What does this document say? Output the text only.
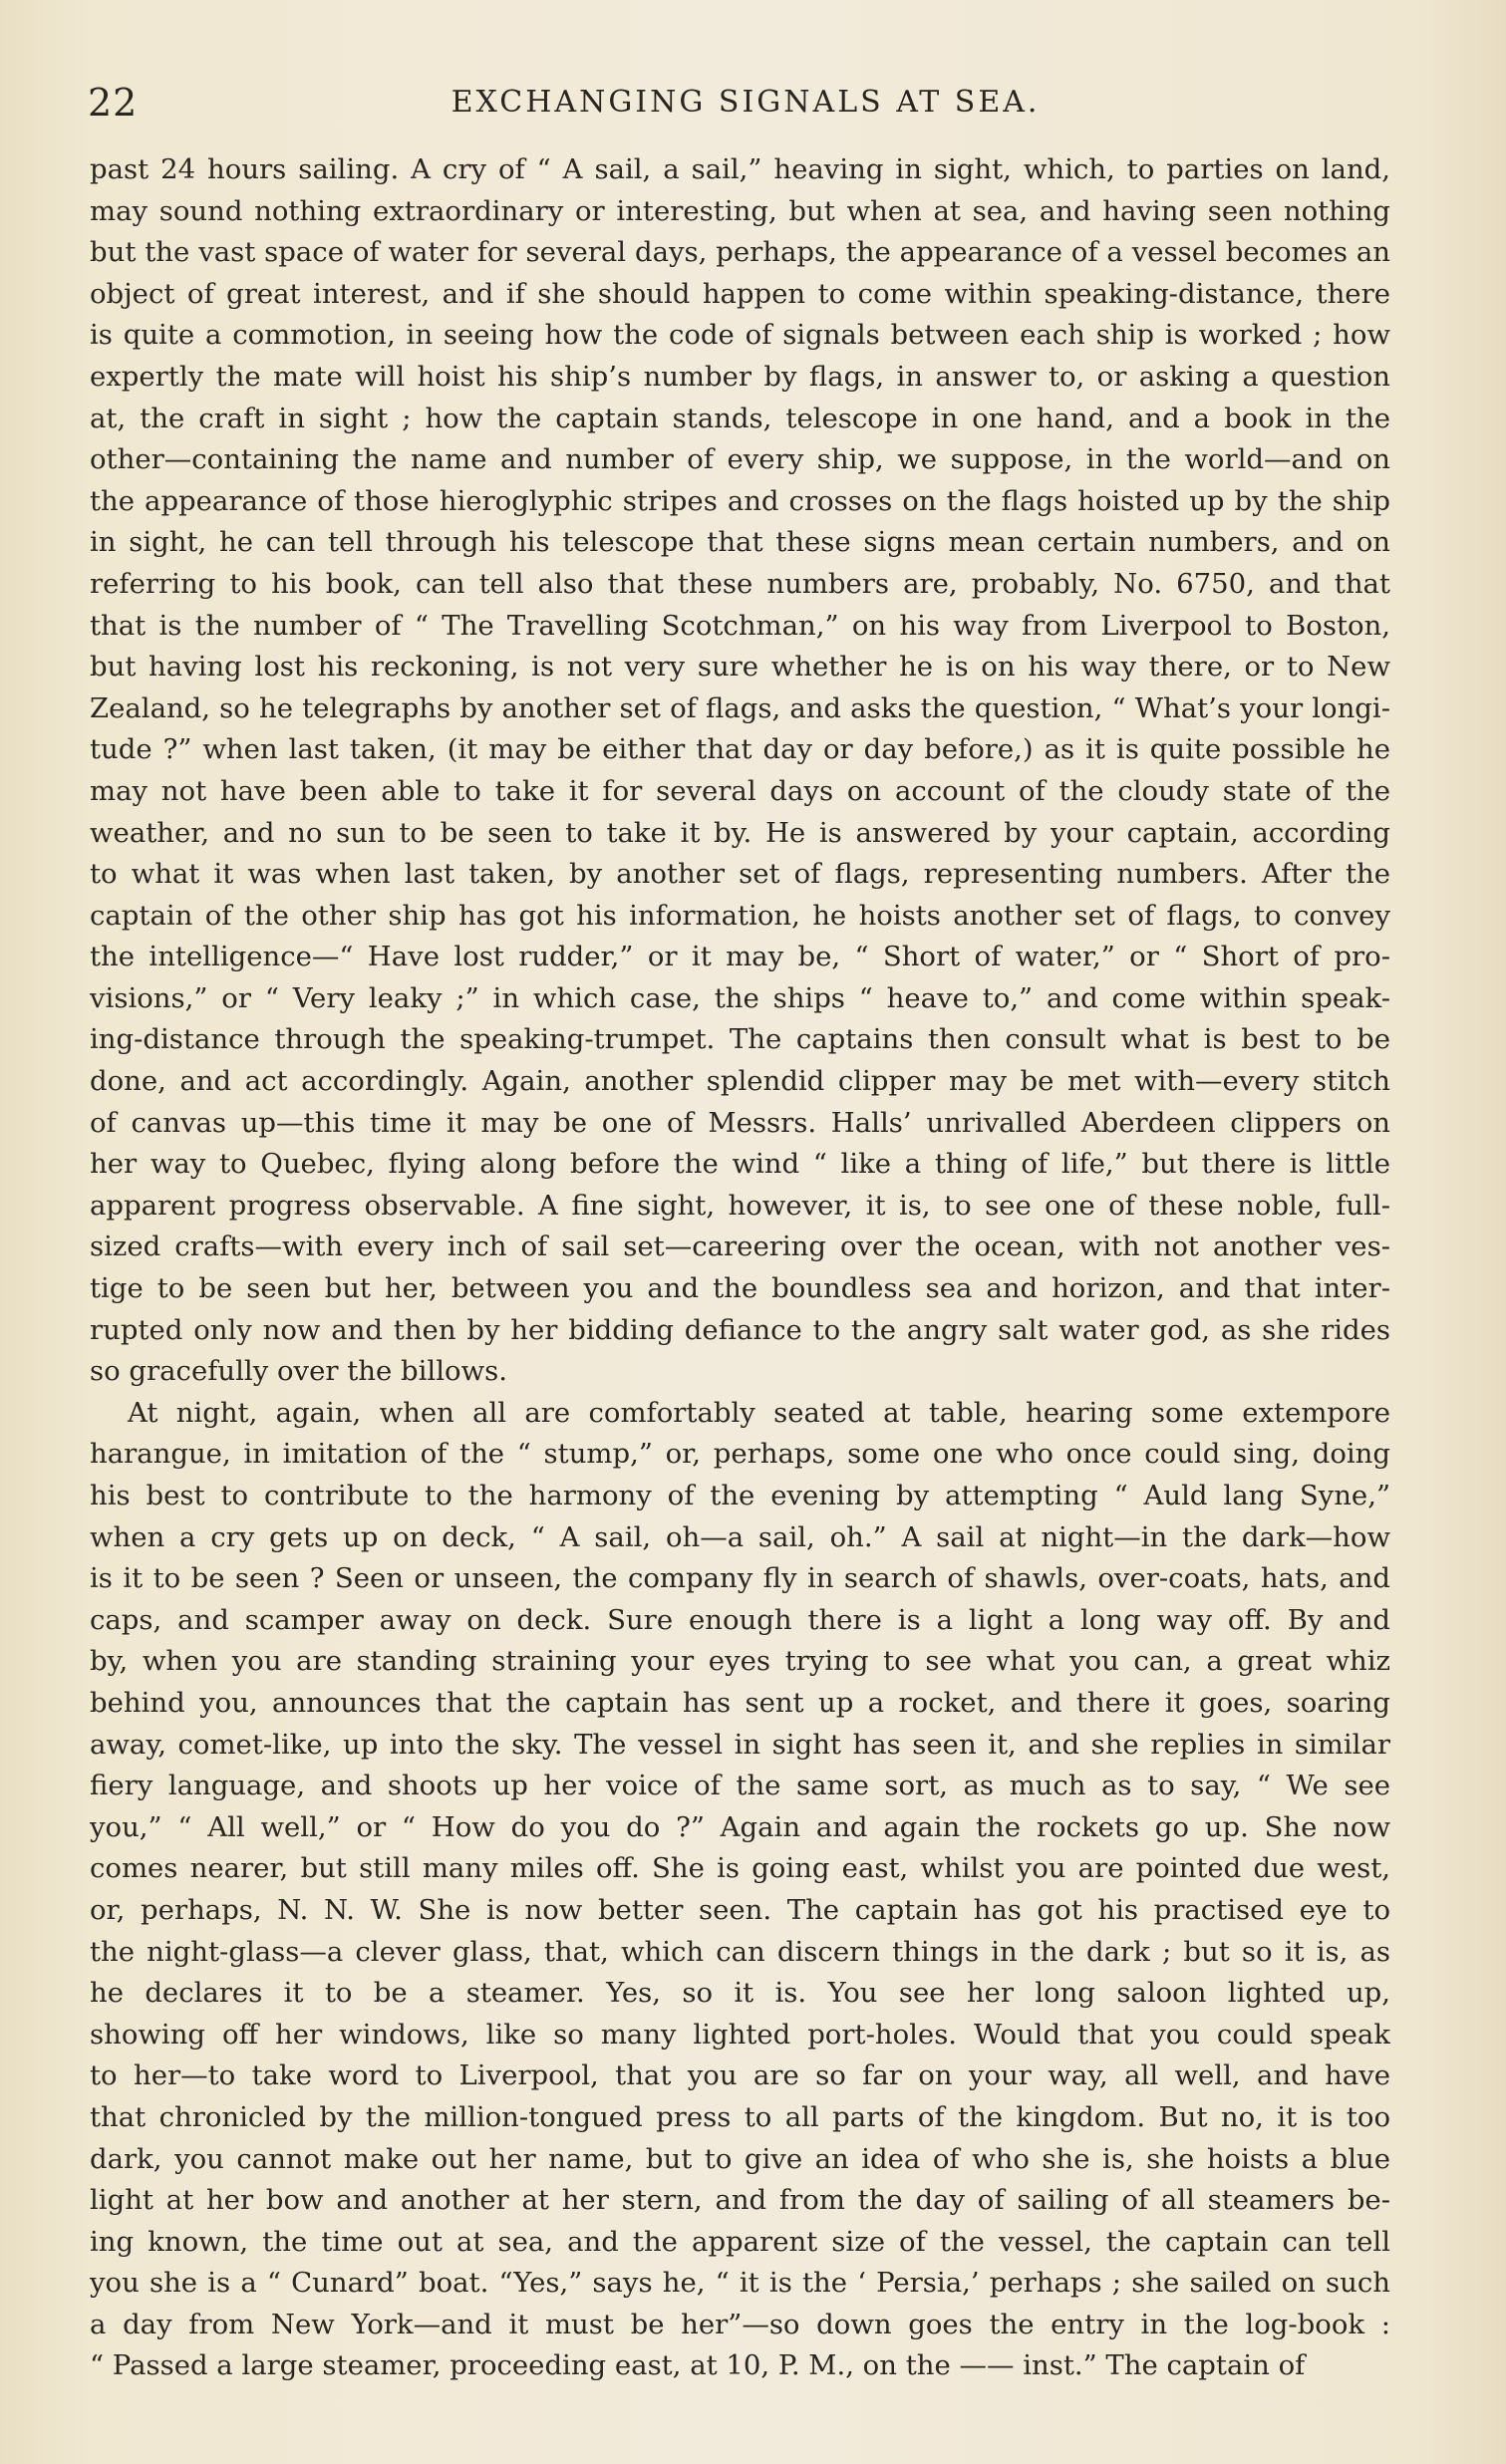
22	EXCHANGING SIGNALS AT SEA.
past 24 hours sailing. A cry of “ A sail, a sail,” heaving in sight, which, to parties on land,
may sound nothing extraordinary or interesting, but when at sea, and having seen nothing
but the vast space of water for several days, perhaps, the appearance of a vessel becomes an
object of great interest, and if she should happen to come within speaking-distance, there
is quite a commotion, in seeing how the code of signals between each ship is worked ; how
expertly the mate will hoist his ship’s number by flags, in answer to, or asking a question
at, the craft in sight ; how the captain stands, telescope in one hand, and a book in the
other—containing the name and number of every ship, we suppose, in the world—and on
the appearance of those hieroglyphic stripes and crosses on the flags hoisted up by the ship
in sight, he can tell through his telescope that these signs mean certain numbers, and on
referring to his book, can tell also that these numbers are, probably, No. 6750, and that
that is the number of “ The Travelling Scotchman,” on his way from Liverpool to Boston,
but having lost his reckoning, is not very sure whether he is on his way there, or to New
Zealand, so he telegraphs by another set of flags, and asks the question, “ What’s your longi-
tude ?” when last taken, (it may be either that day or day before,) as it is quite possible he
may not have been able to take it for several days on account of the cloudy state of the
weather, and no sun to be seen to take it by. He is answered by your captain, according
to what it was when last taken, by another set of flags, representing numbers. After the
captain of the other ship has got his information, he hoists another set of flags, to convey
the intelligence—“ Have lost rudder,” or it may be, “ Short of water,” or “ Short of pro-
visions,” or “ Very leaky ;” in which case, the ships “ heave to,” and come within speak-
ing-distance through the speaking-trumpet. The captains then consult what is best to be
done, and act accordingly. Again, another splendid clipper may be met with—every stitch
of canvas up—this time it may be one of Messrs. Halls’ unrivalled Aberdeen clippers on
her way to Quebec, flying along before the wind “ like a thing of life,” but there is little
apparent progress observable. A fine sight, however, it is, to see one of these noble, full-
sized crafts—with every inch of sail set—careering over the ocean, with not another ves-
tige to be seen but her, between you and the boundless sea and horizon, and that inter-
rupted only now and then by her bidding defiance to the angry salt water god, as she rides
so gracefully over the billows.
At night, again, when all are comfortably seated at table, hearing some extempore
harangue, in imitation of the “ stump,” or, perhaps, some one who once could sing, doing
his best to contribute to the harmony of the evening by attempting “ Auld lang Syne,”
when a cry gets up on deck, “ A sail, oh—a sail, oh.” A sail at night—in the dark—how
is it to be seen ? Seen or unseen, the company fly in search of shawls, over-coats, hats, and
caps, and scamper away on deck. Sure enough there is a light a long way off. By and
by, when you are standing straining your eyes trying to see what you can, a great whiz
behind you, announces that the captain has sent up a rocket, and there it goes, soaring
away, comet-like, up into the sky. The vessel in sight has seen it, and she replies in similar
fiery language, and shoots up her voice of the same sort, as much as to say, “ We see
you,” “ All well,” or “ How do you do ?” Again and again the rockets go up. She now
comes nearer, but still many miles off. She is going east, whilst you are pointed due west,
or, perhaps, N. N. W. She is now better seen. The captain has got his practised eye to
the night-glass—a clever glass, that, which can discern things in the dark ; but so it is, as
he declares it to be a steamer. Yes, so it is. You see her long saloon lighted up,
showing off her windows, like so many lighted port-holes. Would that you could speak
to her—to take word to Liverpool, that you are so far on your way, all well, and have
that chronicled by the million-tongued press to all parts of the kingdom. But no, it is too
dark, you cannot make out her name, but to give an idea of who she is, she hoists a blue
light at her bow and another at her stern, and from the day of sailing of all steamers be-
ing known, the time out at sea, and the apparent size of the vessel, the captain can tell
you she is a “ Cunard” boat. “Yes,” says he, “ it is the ‘ Persia,’ perhaps ; she sailed on such
a day from New York—and it must be her”—so down goes the entry in the log-book :
“ Passed a large steamer, proceeding east, at 10, P. M., on the —— inst.” The captain of
